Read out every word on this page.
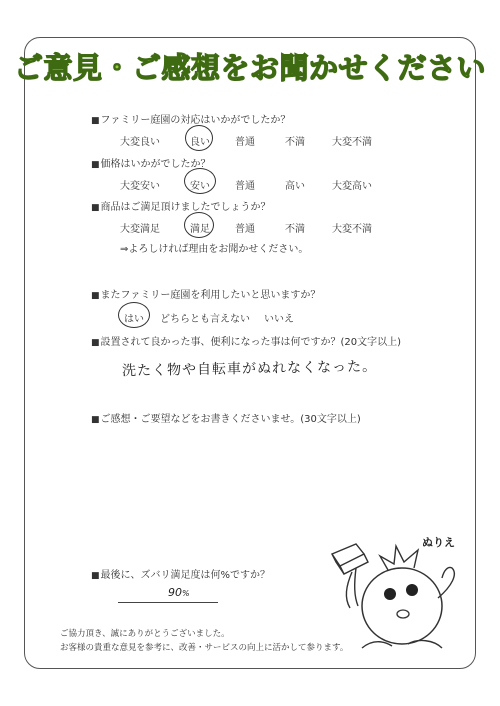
ご意見・ご感想をお聞かせください
■ ファミリー庭園の対応はいかがでしたか？
大変良い	良い	普通	不満	大変不満
■ 価格はいかがでしたか？
大変安い	安い	普通	高い	大変高い
■ 商品はご満足頂けましたでしょうか？
大変満足	満足	普通	不満	大変不満
⇒よろしければ理由をお聞かせください。
■ またファミリー庭園を利用したいと思いますか？
はい どちらとも言えない いいえ
■ 設置されて良かった事、便利になった事は何ですか？(20文字以上)
洗たく物や自転車がぬれなくなった。
■ ご感想・ご要望などをお書きくださいませ。(30文字以上)
■ 最後に、ズバリ満足度は何%ですか？
90%
ご協力頂き、誠にありがとうございました。
お客様の貴重な意見を参考に、改善・サービスの向上に活かして参ります。
ぬりえ
